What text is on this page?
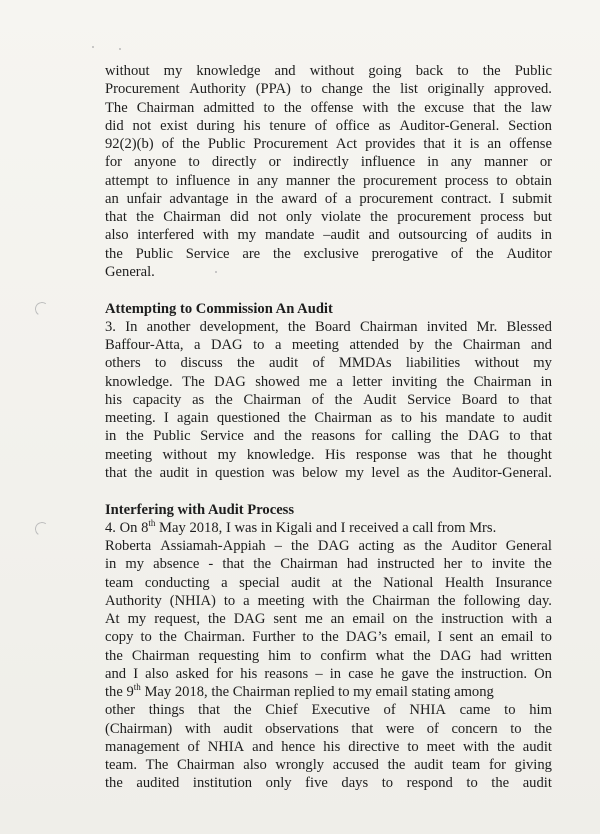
without my knowledge and without going back to the Public
Procurement Authority (PPA) to change the list originally approved.
The Chairman admitted to the offense with the excuse that the law
did not exist during his tenure of office as Auditor-General. Section
92(2)(b) of the Public Procurement Act provides that it is an offense
for anyone to directly or indirectly influence in any manner or
attempt to influence in any manner the procurement process to obtain
an unfair advantage in the award of a procurement contract. I submit
that the Chairman did not only violate the procurement process but
also interfered with my mandate –audit and outsourcing of audits in
the Public Service are the exclusive prerogative of the Auditor
General.
Attempting to Commission An Audit
3. In another development, the Board Chairman invited Mr. Blessed
Baffour-Atta, a DAG to a meeting attended by the Chairman and
others to discuss the audit of MMDAs liabilities without my
knowledge. The DAG showed me a letter inviting the Chairman in
his capacity as the Chairman of the Audit Service Board to that
meeting. I again questioned the Chairman as to his mandate to audit
in the Public Service and the reasons for calling the DAG to that
meeting without my knowledge. His response was that he thought
that the audit in question was below my level as the Auditor-General.
Interfering with Audit Process
4. On 8th May 2018, I was in Kigali and I received a call from Mrs.
Roberta Assiamah-Appiah – the DAG acting as the Auditor General
in my absence - that the Chairman had instructed her to invite the
team conducting a special audit at the National Health Insurance
Authority (NHIA) to a meeting with the Chairman the following day.
At my request, the DAG sent me an email on the instruction with a
copy to the Chairman. Further to the DAG’s email, I sent an email to
the Chairman requesting him to confirm what the DAG had written
and I also asked for his reasons – in case he gave the instruction. On
the 9th May 2018, the Chairman replied to my email stating among
other things that the Chief Executive of NHIA came to him
(Chairman) with audit observations that were of concern to the
management of NHIA and hence his directive to meet with the audit
team. The Chairman also wrongly accused the audit team for giving
the audited institution only five days to respond to the audit
